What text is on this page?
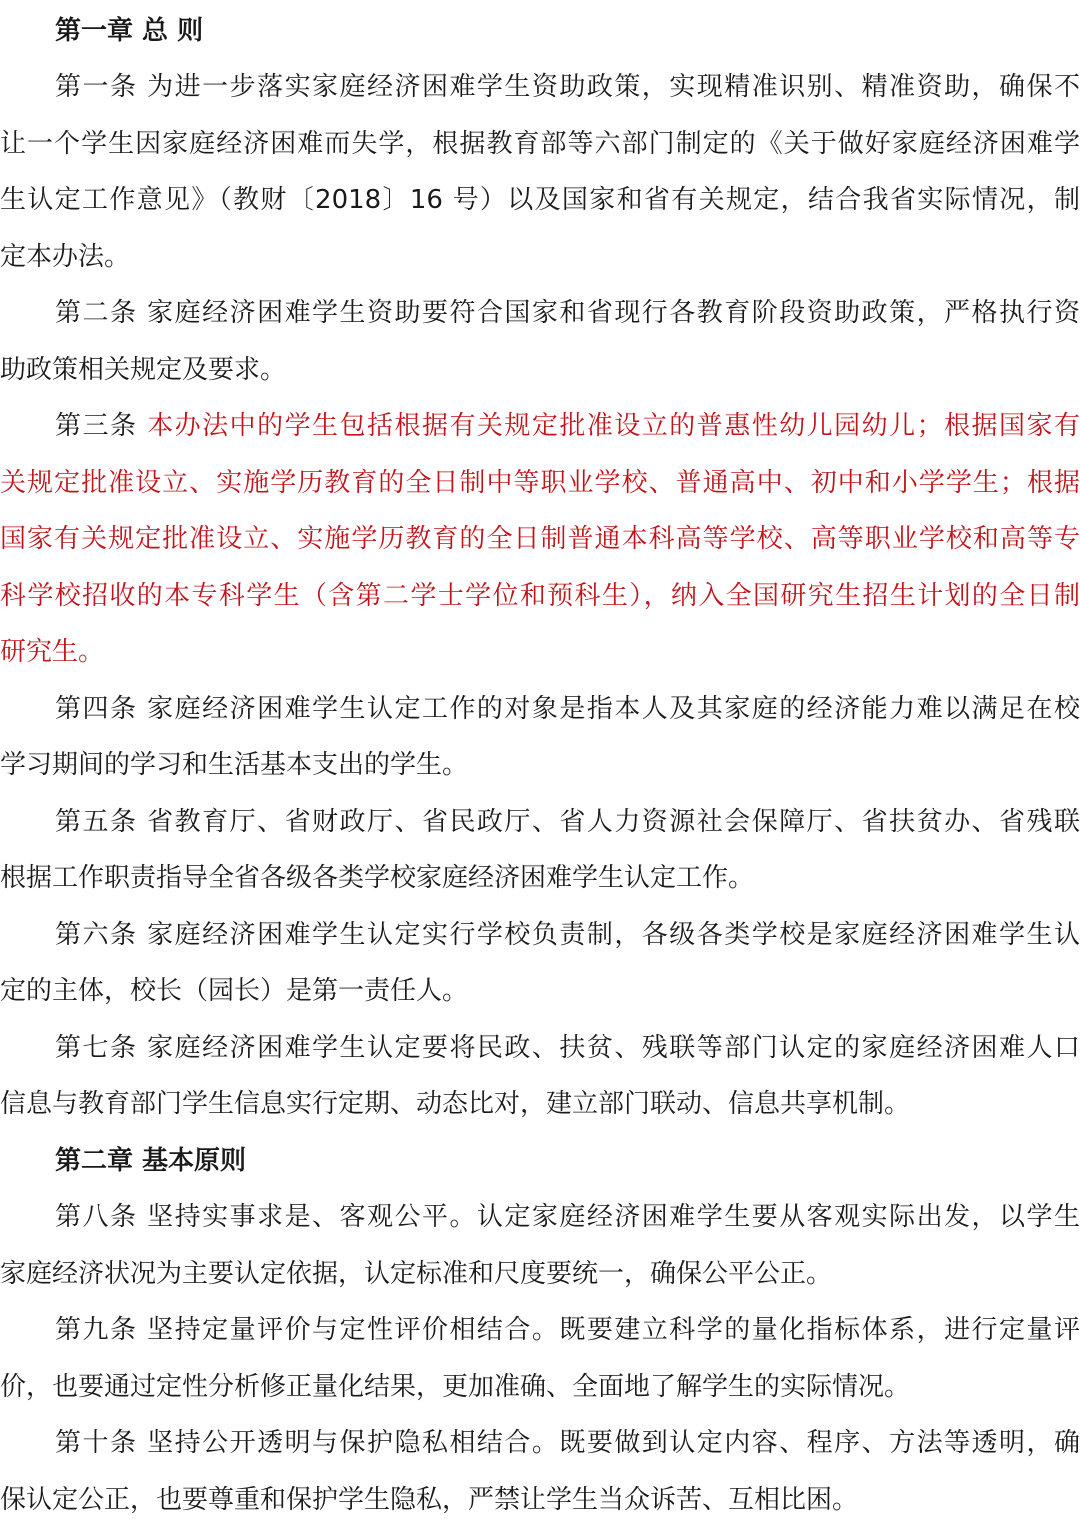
第一章 总 则
第一条 为进一步落实家庭经济困难学生资助政策，实现精准识别、精准资助，确保不
让一个学生因家庭经济困难而失学，根据教育部等六部门制定的《关于做好家庭经济困难学
生认定工作意见》（教财〔2018〕16 号）以及国家和省有关规定，结合我省实际情况，制
定本办法。
第二条 家庭经济困难学生资助要符合国家和省现行各教育阶段资助政策，严格执行资
助政策相关规定及要求。
第三条 本办法中的学生包括根据有关规定批准设立的普惠性幼儿园幼儿；根据国家有
关规定批准设立、实施学历教育的全日制中等职业学校、普通高中、初中和小学学生；根据
国家有关规定批准设立、实施学历教育的全日制普通本科高等学校、高等职业学校和高等专
科学校招收的本专科学生（含第二学士学位和预科生），纳入全国研究生招生计划的全日制
研究生。
第四条 家庭经济困难学生认定工作的对象是指本人及其家庭的经济能力难以满足在校
学习期间的学习和生活基本支出的学生。
第五条 省教育厅、省财政厅、省民政厅、省人力资源社会保障厅、省扶贫办、省残联
根据工作职责指导全省各级各类学校家庭经济困难学生认定工作。
第六条 家庭经济困难学生认定实行学校负责制，各级各类学校是家庭经济困难学生认
定的主体，校长（园长）是第一责任人。
第七条 家庭经济困难学生认定要将民政、扶贫、残联等部门认定的家庭经济困难人口
信息与教育部门学生信息实行定期、动态比对，建立部门联动、信息共享机制。
第二章 基本原则
第八条 坚持实事求是、客观公平。认定家庭经济困难学生要从客观实际出发，以学生
家庭经济状况为主要认定依据，认定标准和尺度要统一，确保公平公正。
第九条 坚持定量评价与定性评价相结合。既要建立科学的量化指标体系，进行定量评
价，也要通过定性分析修正量化结果，更加准确、全面地了解学生的实际情况。
第十条 坚持公开透明与保护隐私相结合。既要做到认定内容、程序、方法等透明，确
保认定公正，也要尊重和保护学生隐私，严禁让学生当众诉苦、互相比困。
